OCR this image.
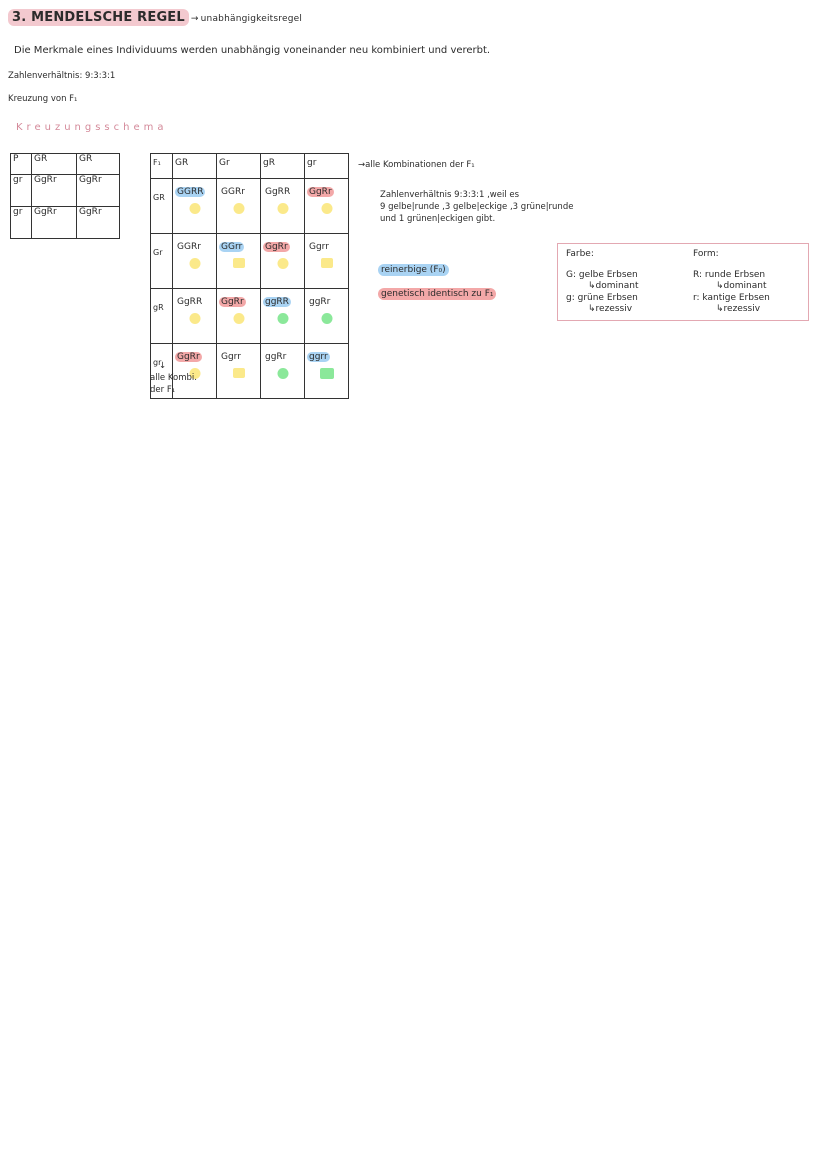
3. MENDELSCHE REGEL → unabhängigkeitsregel
Die Merkmale eines Individuums werden unabhängig voneinander neu kombiniert und vererbt.
Zahlenverhältnis: 9:3:3:1
Kreuzung von F₁
Kreuzungsschema
P	GR	GR
gr	GgRr	GgRr
gr	GgRr	GgRr
F₁	GR	Gr	gR	gr
GR	GGRR	GGRr	GgRR	GgRr

Gr	GGRr	GGrr	GgRr	Ggrr

gR	GgRR	GgRr	ggRR	ggRr

gr	GgRr	Ggrr	ggRr	ggrr
→alle Kombinationen der F₁
↓
alle Kombi.
der F₁
Zahlenverhältnis 9:3:3:1 ,weil es
9 gelbe|runde ,3 gelbe|eckige ,3 grüne|runde
und 1 grünen|eckigen gibt.
reinerbige (F₀)
genetisch identisch zu F₁
Farbe:	Form:
G: gelbe Erbsen
↳dominant
g: grüne Erbsen
↳rezessiv
R: runde Erbsen
↳dominant
r: kantige Erbsen
↳rezessiv
